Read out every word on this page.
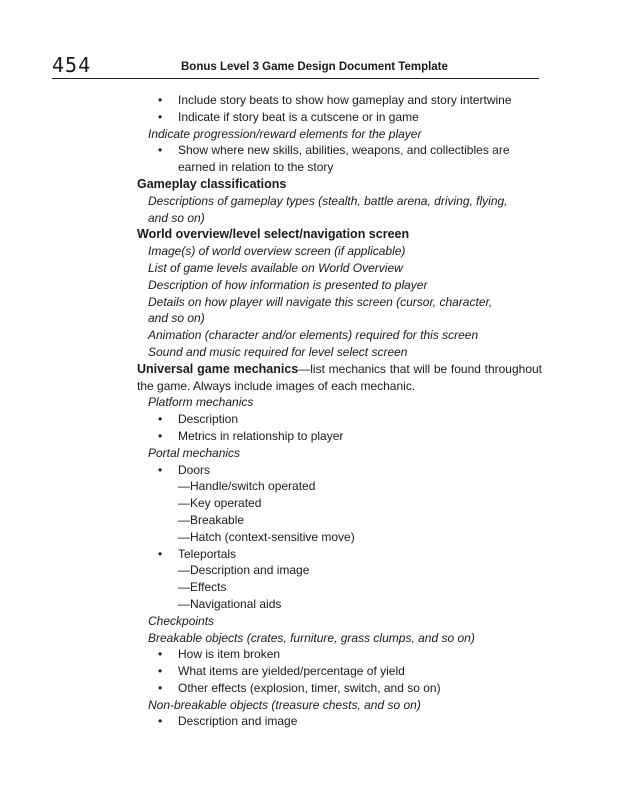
454	Bonus Level 3 Game Design Document Template
• Include story beats to show how gameplay and story intertwine
• Indicate if story beat is a cutscene or in game
Indicate progression/reward elements for the player
• Show where new skills, abilities, weapons, and collectibles are
earned in relation to the story
Gameplay classifications
Descriptions of gameplay types (stealth, battle arena, driving, flying,
and so on)
World overview/level select/navigation screen
Image(s) of world overview screen (if applicable)
List of game levels available on World Overview
Description of how information is presented to player
Details on how player will navigate this screen (cursor, character,
and so on)
Animation (character and/or elements) required for this screen
Sound and music required for level select screen
Universal game mechanics—list mechanics that will be found throughout
the game. Always include images of each mechanic.
Platform mechanics
• Description
• Metrics in relationship to player
Portal mechanics
• Doors
—Handle/switch operated
—Key operated
—Breakable
—Hatch (context-sensitive move)
• Teleportals
—Description and image
—Effects
—Navigational aids
Checkpoints
Breakable objects (crates, furniture, grass clumps, and so on)
• How is item broken
• What items are yielded/percentage of yield
• Other effects (explosion, timer, switch, and so on)
Non-breakable objects (treasure chests, and so on)
• Description and image
